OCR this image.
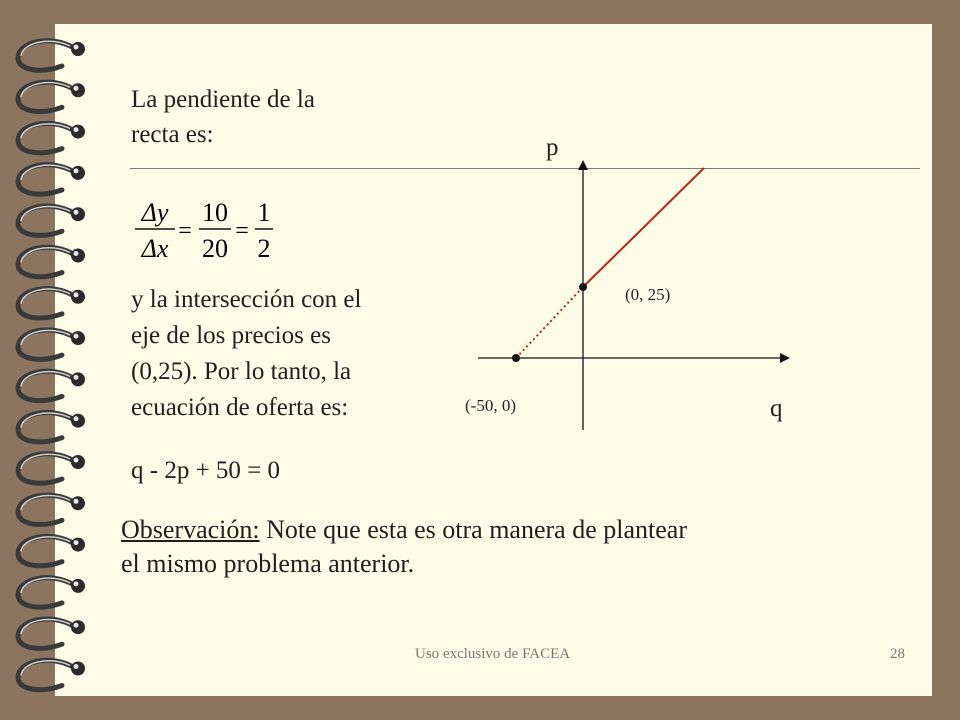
La pendiente de la
recta es:
Δy
Δx
=
10
20
=
1
2
y la intersección con el
eje de los precios es
(0,25). Por lo tanto, la
ecuación de oferta es:
q - 2p + 50 = 0
Observación: Note que esta es otra manera de plantear
el mismo problema anterior.
p
q
(0, 25)
(-50, 0)
Uso exclusivo de FACEA	28
